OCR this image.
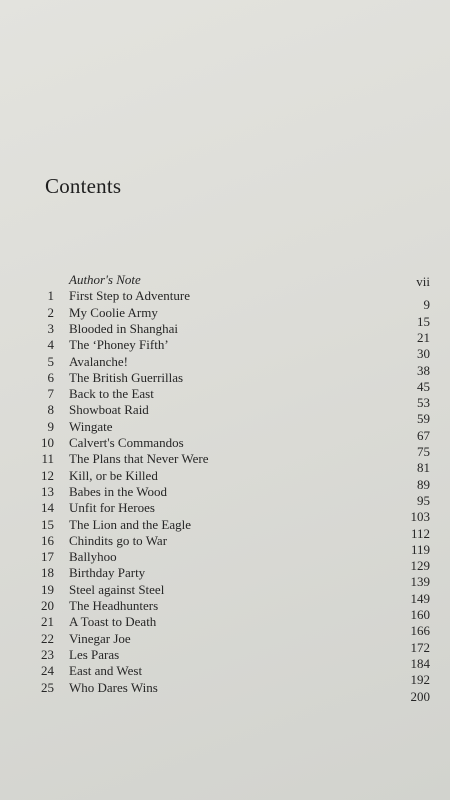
Contents
Author's Note	vii
1 First Step to Adventure
9
2 My Coolie Army
15
3 Blooded in Shanghai
21
4 The ‘Phoney Fifth’
30
5 Avalanche!
38
6 The British Guerrillas
45
7 Back to the East
53
8 Showboat Raid
59
9 Wingate
67
10 Calvert's Commandos
75
11 The Plans that Never Were
81
12 Kill, or be Killed
89
13 Babes in the Wood
95
14 Unfit for Heroes
103
15 The Lion and the Eagle
112
16 Chindits go to War
119
17 Ballyhoo
129
18 Birthday Party
139
19 Steel against Steel
149
20 The Headhunters
160
21 A Toast to Death
166
22 Vinegar Joe
172
23 Les Paras
184
24 East and West
192
25 Who Dares Wins
200
